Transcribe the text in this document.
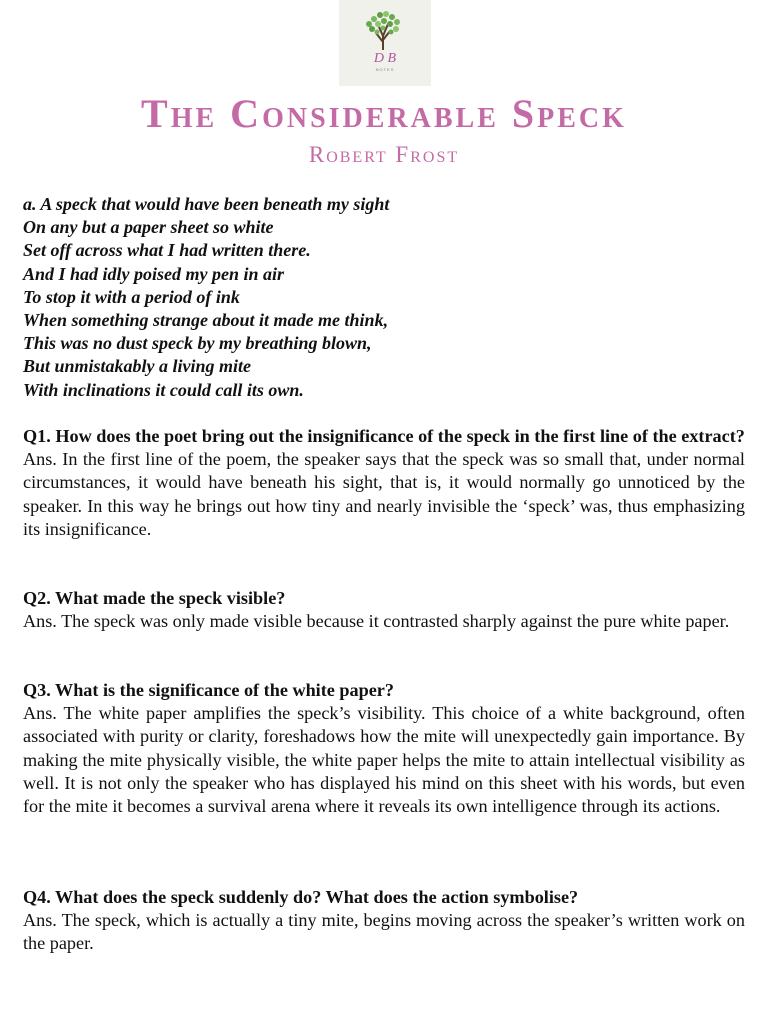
D B
NOTES
The Considerable Speck
Robert Frost
a. A speck that would have been beneath my sight
On any but a paper sheet so white
Set off across what I had written there.
And I had idly poised my pen in air
To stop it with a period of ink
When something strange about it made me think,
This was no dust speck by my breathing blown,
But unmistakably a living mite
With inclinations it could call its own.

Q1. How does the poet bring out the insignificance of the speck in the first line of the extract?

Ans. In the first line of the poem, the speaker says that the speck was so small that, under normal circumstances, it would have beneath his sight, that is, it would normally go unnoticed by the speaker. In this way he brings out how tiny and nearly invisible the ‘speck’ was, thus emphasizing its insignificance.

Q2. What made the speck visible?

Ans. The speck was only made visible because it contrasted sharply against the pure white paper.

Q3. What is the significance of the white paper?

Ans. The white paper amplifies the speck’s visibility. This choice of a white background, often associated with purity or clarity, foreshadows how the mite will unexpectedly gain importance. By making the mite physically visible, the white paper helps the mite to attain intellectual visibility as well. It is not only the speaker who has displayed his mind on this sheet with his words, but even for the mite it becomes a survival arena where it reveals its own intelligence through its actions.

Q4. What does the speck suddenly do? What does the action symbolise?

Ans. The speck, which is actually a tiny mite, begins moving across the speaker’s written work on the paper.
